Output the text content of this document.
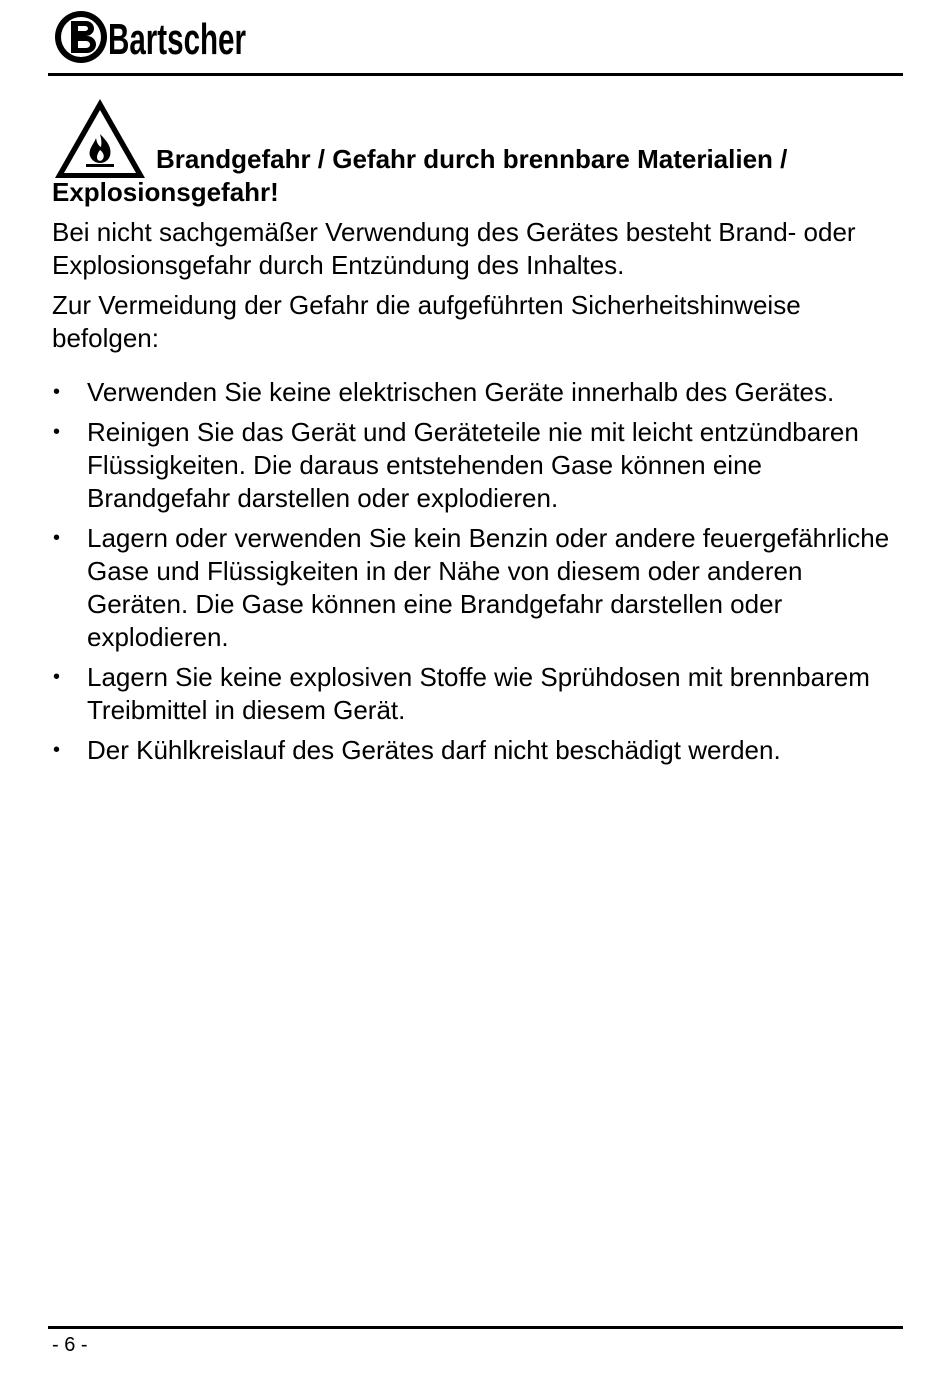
Bartscher
Brandgefahr / Gefahr durch brennbare Materialien / Explosionsgefahr!

Bei nicht sachgemäßer Verwendung des Gerätes besteht Brand- oder Explosionsgefahr durch Entzündung des Inhaltes.

Zur Vermeidung der Gefahr die aufgeführten Sicherheitshinweise befolgen:

•	Verwenden Sie keine elektrischen Geräte innerhalb des Gerätes.
•	Reinigen Sie das Gerät und Geräteteile nie mit leicht entzündbaren Flüssigkeiten. Die daraus entstehenden Gase können eine Brandgefahr darstellen oder explodieren.
•	Lagern oder verwenden Sie kein Benzin oder andere feuergefährliche Gase und Flüssigkeiten in der Nähe von diesem oder anderen Geräten. Die Gase können eine Brandgefahr darstellen oder explodieren.
•	Lagern Sie keine explosiven Stoffe wie Sprühdosen mit brennbarem Treibmittel in diesem Gerät.
•	Der Kühlkreislauf des Gerätes darf nicht beschädigt werden.
- 6 -
